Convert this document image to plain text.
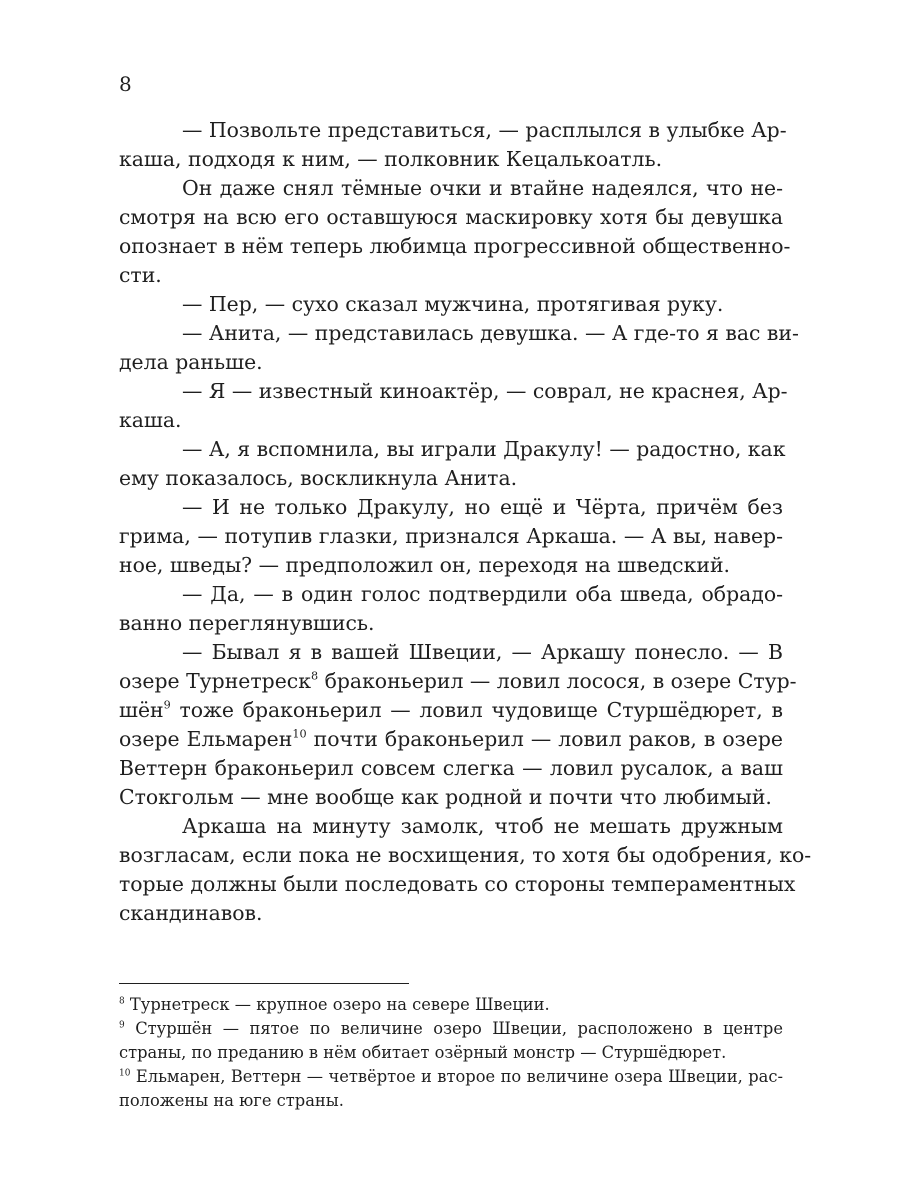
8
— Позвольте представиться, — расплылся в улыбке Ар-
каша, подходя к ним, — полковник Кецалькоатль.
Он даже снял тёмные очки и втайне надеялся, что не-
смотря на всю его оставшуюся маскировку хотя бы девушка
опознает в нём теперь любимца прогрессивной общественно-
сти.
— Пер, — сухо сказал мужчина, протягивая руку.
— Анита, — представилась девушка. — А где-то я вас ви-
дела раньше.
— Я — известный киноактёр, — соврал, не краснея, Ар-
каша.
— А, я вспомнила, вы играли Дракулу! — радостно, как
ему показалось, воскликнула Анита.
— И не только Дракулу, но ещё и Чёрта, причём без
грима, — потупив глазки, признался Аркаша. — А вы, навер-
ное, шведы? — предположил он, переходя на шведский.
— Да, — в один голос подтвердили оба шведа, обрадо-
ванно переглянувшись.
— Бывал я в вашей Швеции, — Аркашу понесло. — В
озере Турнетреск$^8$ браконьерил — ловил лосося, в озере Стур-
шён$^9$ тоже браконьерил — ловил чудовище Стуршёдюрет, в
озере Ельмарен$^{10}$ почти браконьерил — ловил раков, в озере
Веттерн браконьерил совсем слегка — ловил русалок, а ваш
Стокгольм — мне вообще как родной и почти что любимый.
Аркаша на минуту замолк, чтоб не мешать дружным
возгласам, если пока не восхищения, то хотя бы одобрения, ко-
торые должны были последовать со стороны темпераментных
скандинавов.
$^8$ Турнетреск — крупное озеро на севере Швеции.
$^9$ Стуршён — пятое по величине озеро Швеции, расположено в центре
страны, по преданию в нём обитает озёрный монстр — Стуршёдюрет.
$^{10}$ Ельмарен, Веттерн — четвёртое и второе по величине озера Швеции, рас-
положены на юге страны.
